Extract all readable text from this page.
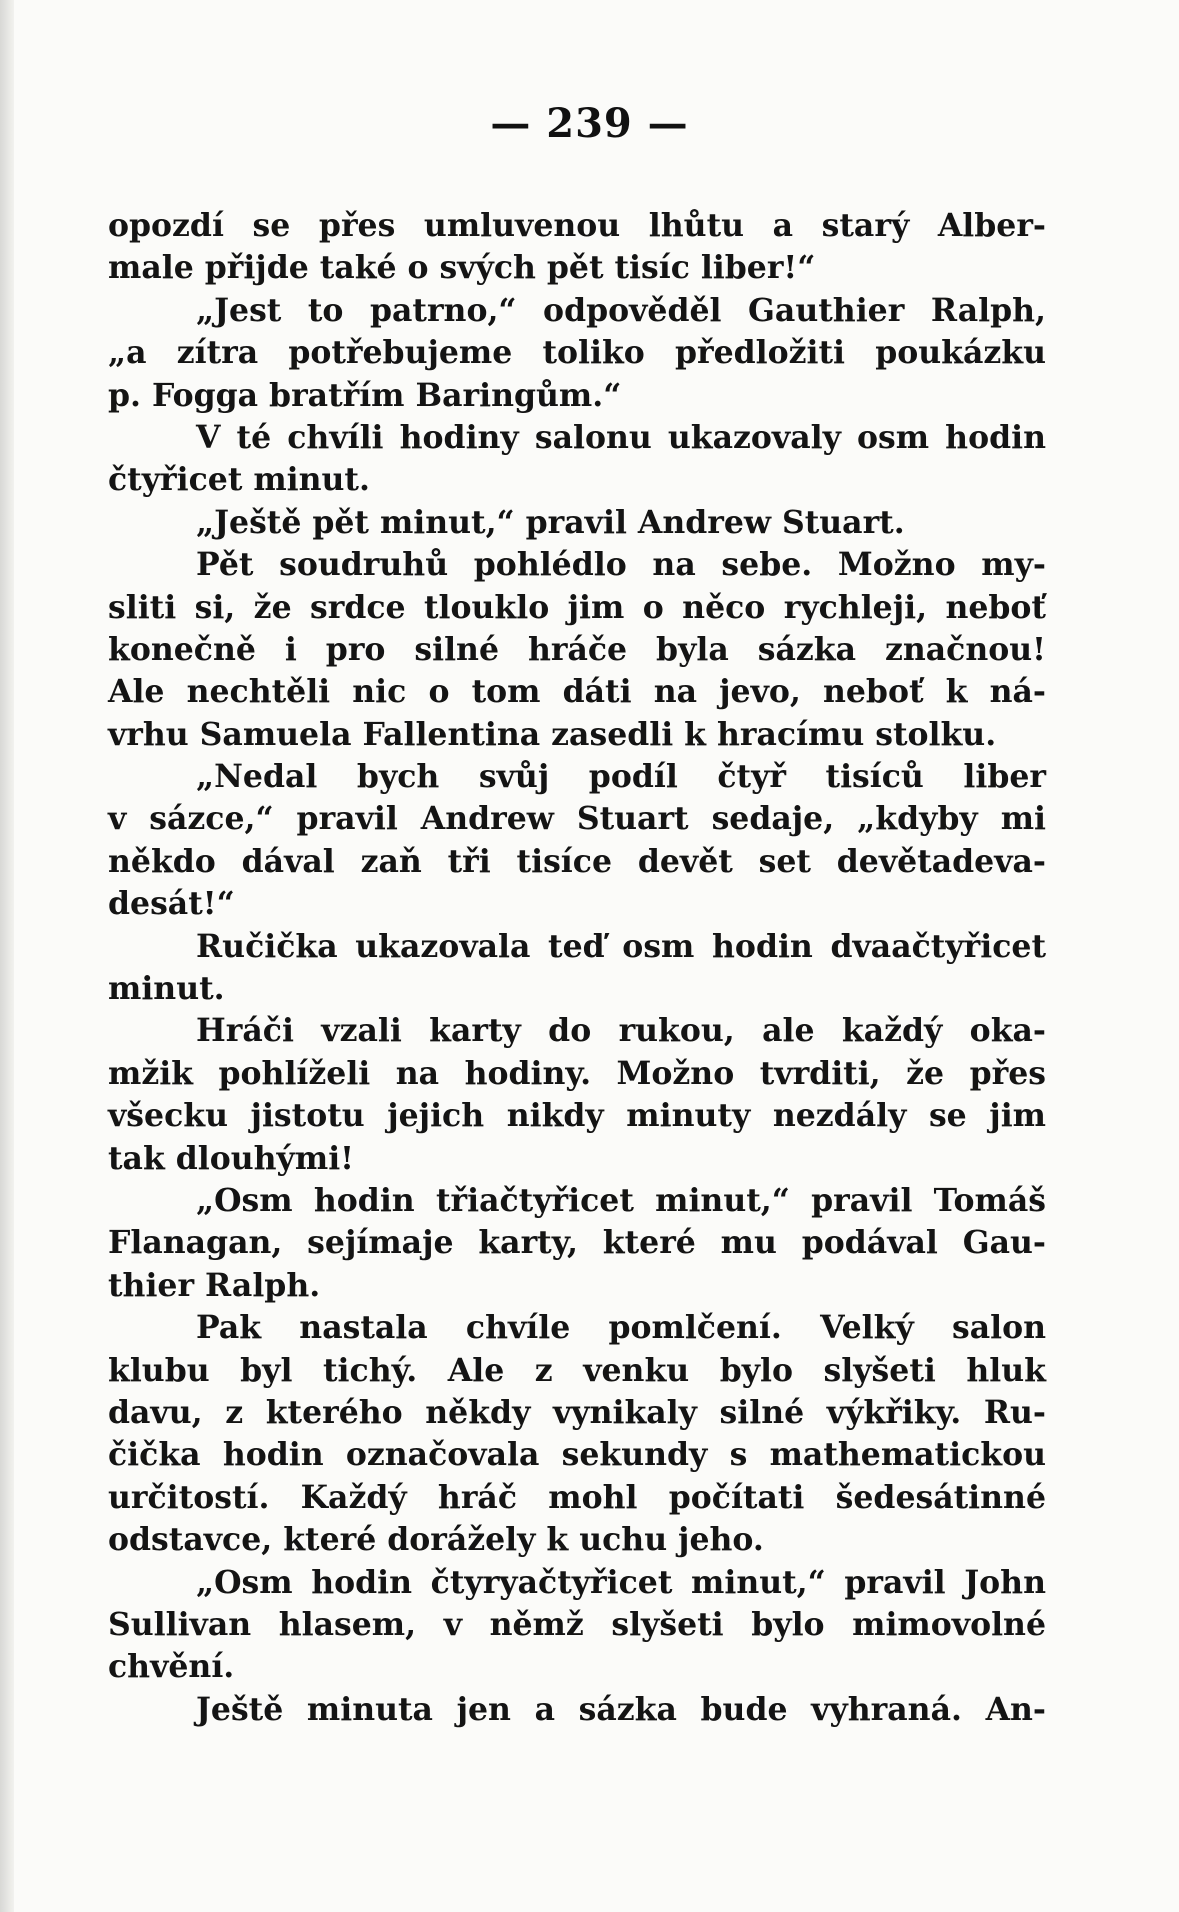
— 239 —
opozdí se přes umluvenou lhůtu a starý Alber-
male přijde také o svých pět tisíc liber!“
„Jest to patrno,“ odpověděl Gauthier Ralph,
„a zítra potřebujeme toliko předložiti poukázku
p. Fogga bratřím Baringům.“
V té chvíli hodiny salonu ukazovaly osm hodin
čtyřicet minut.
„Ještě pět minut,“ pravil Andrew Stuart.
Pět soudruhů pohlédlo na sebe. Možno my-
sliti si, že srdce tlouklo jim o něco rychleji, neboť
konečně i pro silné hráče byla sázka značnou!
Ale nechtěli nic o tom dáti na jevo, neboť k ná-
vrhu Samuela Fallentina zasedli k hracímu stolku.
„Nedal bych svůj podíl čtyř tisíců liber
v sázce,“ pravil Andrew Stuart sedaje, „kdyby mi
někdo dával zaň tři tisíce devět set devětadeva-
desát!“
Ručička ukazovala teď osm hodin dvaačtyřicet
minut.
Hráči vzali karty do rukou, ale každý oka-
mžik pohlíželi na hodiny. Možno tvrditi, že přes
všecku jistotu jejich nikdy minuty nezdály se jim
tak dlouhými!
„Osm hodin třiačtyřicet minut,“ pravil Tomáš
Flanagan, sejímaje karty, které mu podával Gau-
thier Ralph.
Pak nastala chvíle pomlčení. Velký salon
klubu byl tichý. Ale z venku bylo slyšeti hluk
davu, z kterého někdy vynikaly silné výkřiky. Ru-
čička hodin označovala sekundy s mathematickou
určitostí. Každý hráč mohl počítati šedesátinné
odstavce, které dorážely k uchu jeho.
„Osm hodin čtyryačtyřicet minut,“ pravil John
Sullivan hlasem, v němž slyšeti bylo mimovolné
chvění.
Ještě minuta jen a sázka bude vyhraná. An-
